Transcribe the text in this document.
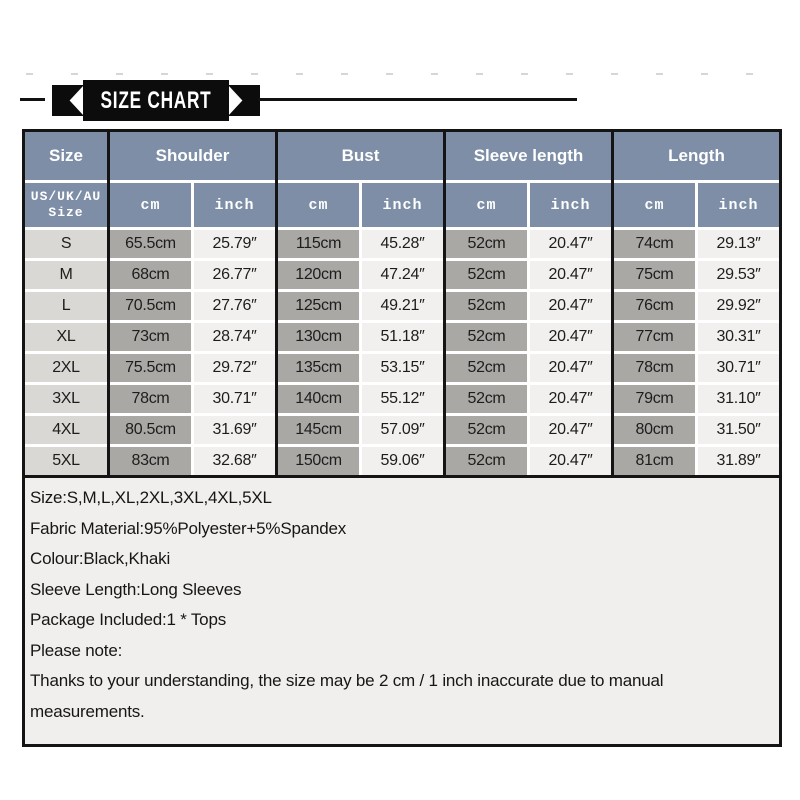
SIZE CHART
Size	Shoulder	Bust	Sleeve length	Length
US/UK/AU
Size	cm	inch	cm	inch	cm	inch	cm	inch
S	65.5cm	25.79″	115cm	45.28″	52cm	20.47″	74cm	29.13″
M	68cm	26.77″	120cm	47.24″	52cm	20.47″	75cm	29.53″
L	70.5cm	27.76″	125cm	49.21″	52cm	20.47″	76cm	29.92″
XL	73cm	28.74″	130cm	51.18″	52cm	20.47″	77cm	30.31″
2XL	75.5cm	29.72″	135cm	53.15″	52cm	20.47″	78cm	30.71″
3XL	78cm	30.71″	140cm	55.12″	52cm	20.47″	79cm	31.10″
4XL	80.5cm	31.69″	145cm	57.09″	52cm	20.47″	80cm	31.50″
5XL	83cm	32.68″	150cm	59.06″	52cm	20.47″	81cm	31.89″

Size:S,M,L,XL,2XL,3XL,4XL,5XL

Fabric Material:95%Polyester+5%Spandex

Colour:Black,Khaki

Sleeve Length:Long Sleeves

Package Included:1 * Tops

Please note:

Thanks to your understanding, the size may be 2 cm / 1 inch inaccurate due to manual measurements.
